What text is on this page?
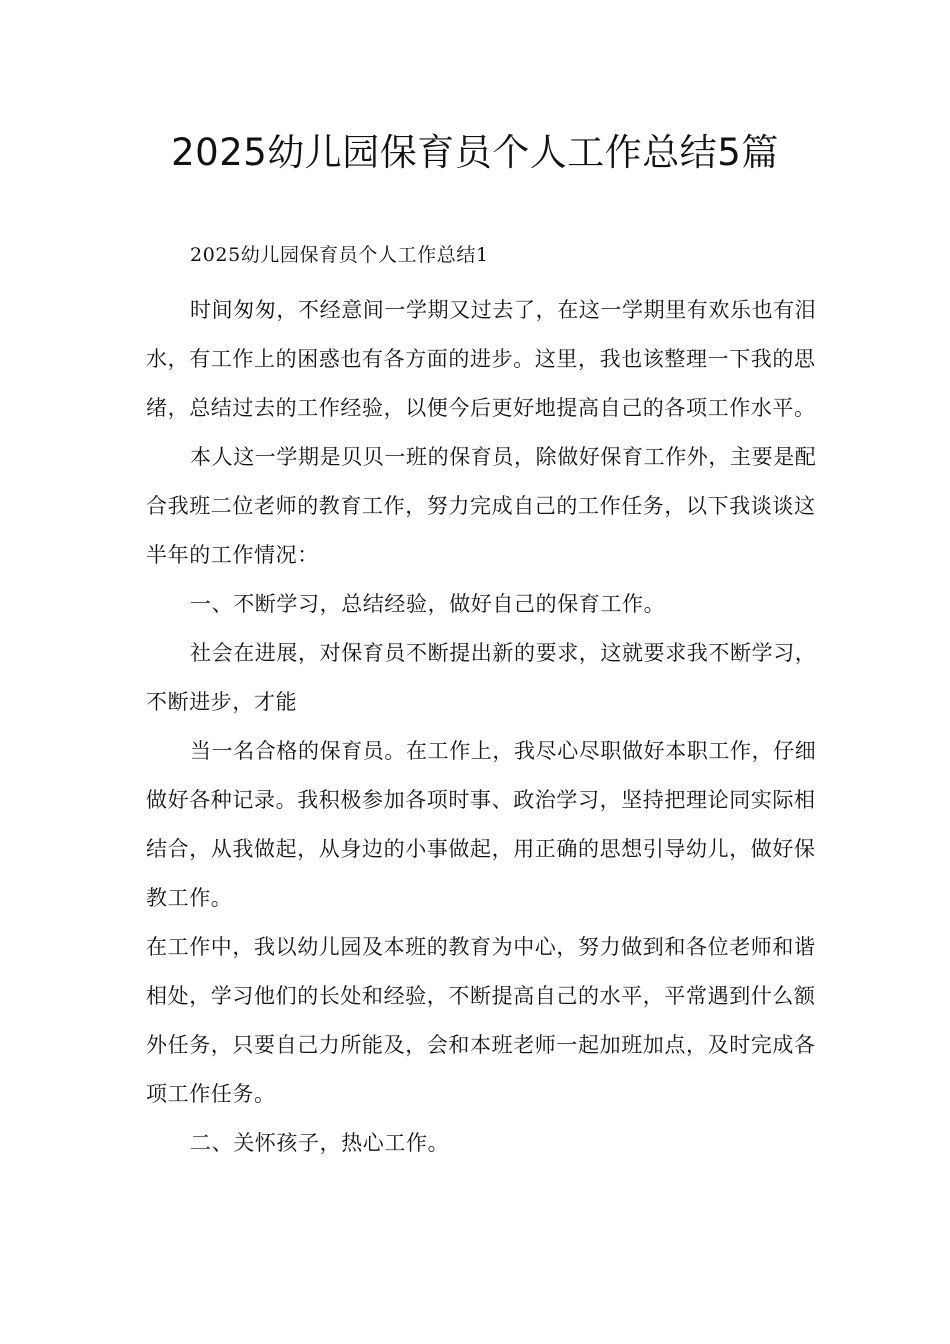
2025幼儿园保育员个人工作总结5篇

2025幼儿园保育员个人工作总结1

时间匆匆，不经意间一学期又过去了，在这一学期里有欢乐也有泪水，有工作上的困惑也有各方面的进步。这里，我也该整理一下我的思绪，总结过去的工作经验，以便今后更好地提高自己的各项工作水平。

本人这一学期是贝贝一班的保育员，除做好保育工作外，主要是配合我班二位老师的教育工作，努力完成自己的工作任务，以下我谈谈这半年的工作情况：

一、不断学习，总结经验，做好自己的保育工作。

社会在进展，对保育员不断提出新的要求，这就要求我不断学习，不断进步，才能

当一名合格的保育员。在工作上，我尽心尽职做好本职工作，仔细做好各种记录。我积极参加各项时事、政治学习，坚持把理论同实际相结合，从我做起，从身边的小事做起，用正确的思想引导幼儿，做好保教工作。

在工作中，我以幼儿园及本班的教育为中心，努力做到和各位老师和谐相处，学习他们的长处和经验，不断提高自己的水平，平常遇到什么额外任务，只要自己力所能及，会和本班老师一起加班加点，及时完成各项工作任务。

二、关怀孩子，热心工作。
